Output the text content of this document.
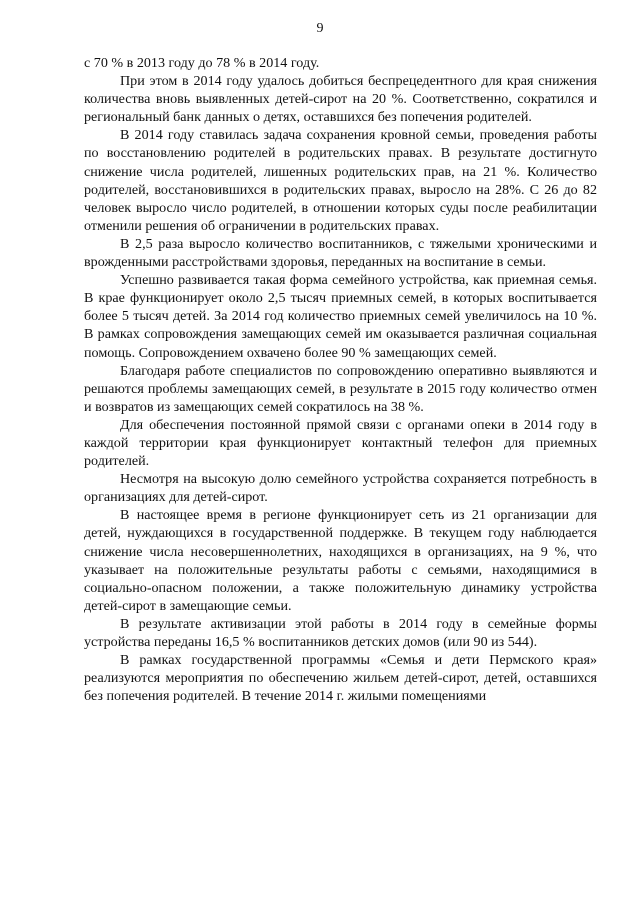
9

с 70 % в 2013 году до 78 % в 2014 году.

При этом в 2014 году удалось добиться беспрецедентного для края снижения количества вновь выявленных детей-сирот на 20 %. Соответственно, сократился и региональный банк данных о детях, оставшихся без попечения родителей.

В 2014 году ставилась задача сохранения кровной семьи, проведения работы по восстановлению родителей в родительских правах. В результате достигнуто снижение числа родителей, лишенных родительских прав, на 21 %. Количество родителей, восстановившихся в родительских правах, выросло на 28%. С 26 до 82 человек выросло число родителей, в отношении которых суды после реабилитации отменили решения об ограничении в родительских правах.

В 2,5 раза выросло количество воспитанников, с тяжелыми хроническими и врожденными расстройствами здоровья, переданных на воспитание в семьи.

Успешно развивается такая форма семейного устройства, как приемная семья. В крае функционирует около 2,5 тысяч приемных семей, в которых воспитывается более 5 тысяч детей. За 2014 год количество приемных семей увеличилось на 10 %. В рамках сопровождения замещающих семей им оказывается различная социальная помощь. Сопровождением охвачено более 90 % замещающих семей.

Благодаря работе специалистов по сопровождению оперативно выявляются и решаются проблемы замещающих семей, в результате в 2015 году количество отмен и возвратов из замещающих семей сократилось на 38 %.

Для обеспечения постоянной прямой связи с органами опеки в 2014 году в каждой территории края функционирует контактный телефон для приемных родителей.

Несмотря на высокую долю семейного устройства сохраняется потребность в организациях для детей-сирот.

В настоящее время в регионе функционирует сеть из 21 организации для детей, нуждающихся в государственной поддержке. В текущем году наблюдается снижение числа несовершеннолетних, находящихся в организациях, на 9 %, что указывает на положительные результаты работы с семьями, находящимися в социально-опасном положении, а также положительную динамику устройства детей-сирот в замещающие семьи.

В результате активизации этой работы в 2014 году в семейные формы устройства переданы 16,5 % воспитанников детских домов (или 90 из 544).

В рамках государственной программы «Семья и дети Пермского края» реализуются мероприятия по обеспечению жильем детей-сирот, детей, оставшихся без попечения родителей. В течение 2014 г. жилыми помещениями
